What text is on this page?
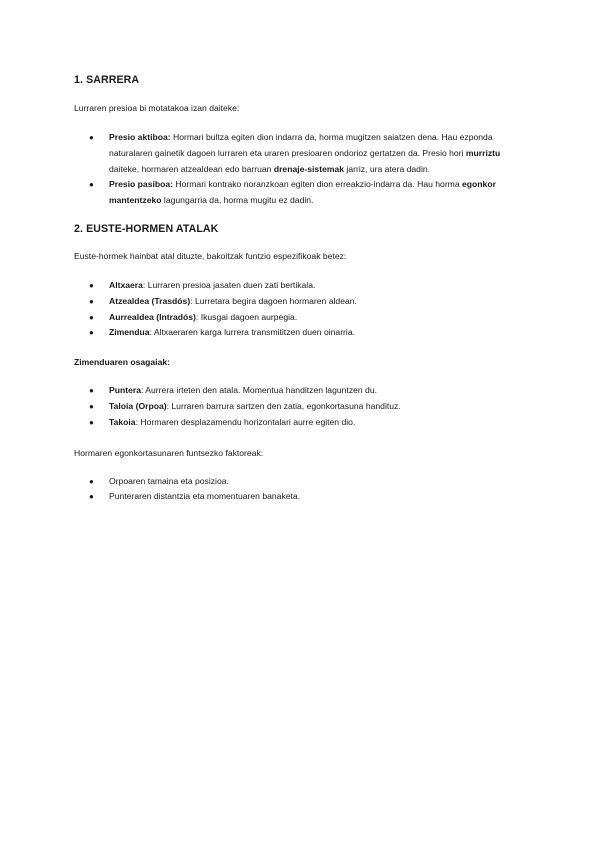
1. SARRERA

Lurraren presioa bi motatakoa izan daiteke:

● Presio aktiboa: Hormari bultza egiten dion indarra da, horma mugitzen saiatzen dena. Hau ezponda naturalaren gainetik dagoen lurraren eta uraren presioaren ondorioz gertatzen da. Presio hori murriztu daiteke, hormaren atzealdean edo barruan drenaje-sistemak jarriz, ura atera dadin.
● Presio pasiboa: Hormari kontrako noranzkoan egiten dion erreakzio-indarra da. Hau horma egonkor mantentzeko lagungarria da, horma mugitu ez dadin.
2. EUSTE-HORMEN ATALAK

Euste-hormek hainbat atal dituzte, bakoitzak funtzio espezifikoak betez:

● Altxaera: Lurraren presioa jasaten duen zati bertikala.
● Atzealdea (Trasdós): Lurretara begira dagoen hormaren aldean.
● Aurrealdea (Intradós): Ikusgai dagoen aurpegia.
● Zimendua: Altxaeraren karga lurrera transmititzen duen oinarria.

Zimenduaren osagaiak:

● Puntera: Aurrera irteten den atala. Momentua handitzen laguntzen du.
● Taloia (Orpoa): Lurraren barrura sartzen den zatia, egonkortasuna handituz.
● Takoia: Hormaren desplazamendu horizontalari aurre egiten dio.

Hormaren egonkortasunaren funtsezko faktoreak:

● Orpoaren tamaina eta posizioa.
● Punteraren distantzia eta momentuaren banaketa.
